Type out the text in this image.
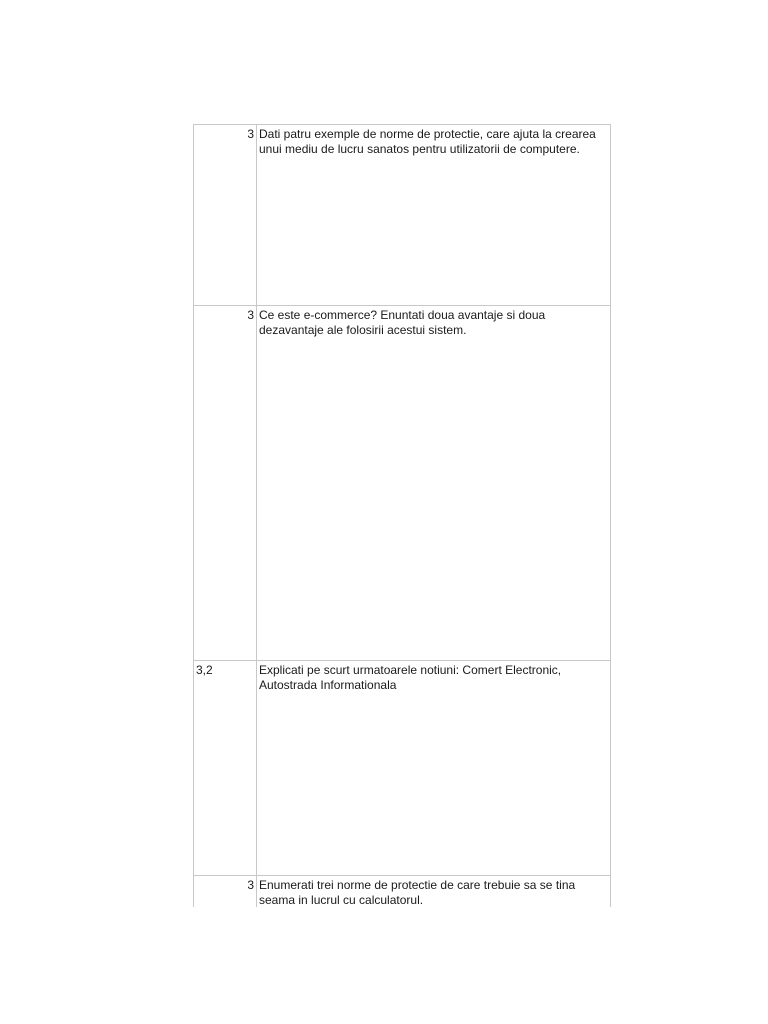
3 Dati patru exemple de norme de protectie, care ajuta la crearea unui mediu de lucru sanatos pentru utilizatorii de computere.
3 Ce este e-commerce? Enuntati doua avantaje si doua dezavantaje ale folosirii acestui sistem.
3,2	Explicati pe scurt urmatoarele notiuni: Comert Electronic, Autostrada Informationala
3 Enumerati trei norme de protectie de care trebuie sa se tina seama in lucrul cu calculatorul.
